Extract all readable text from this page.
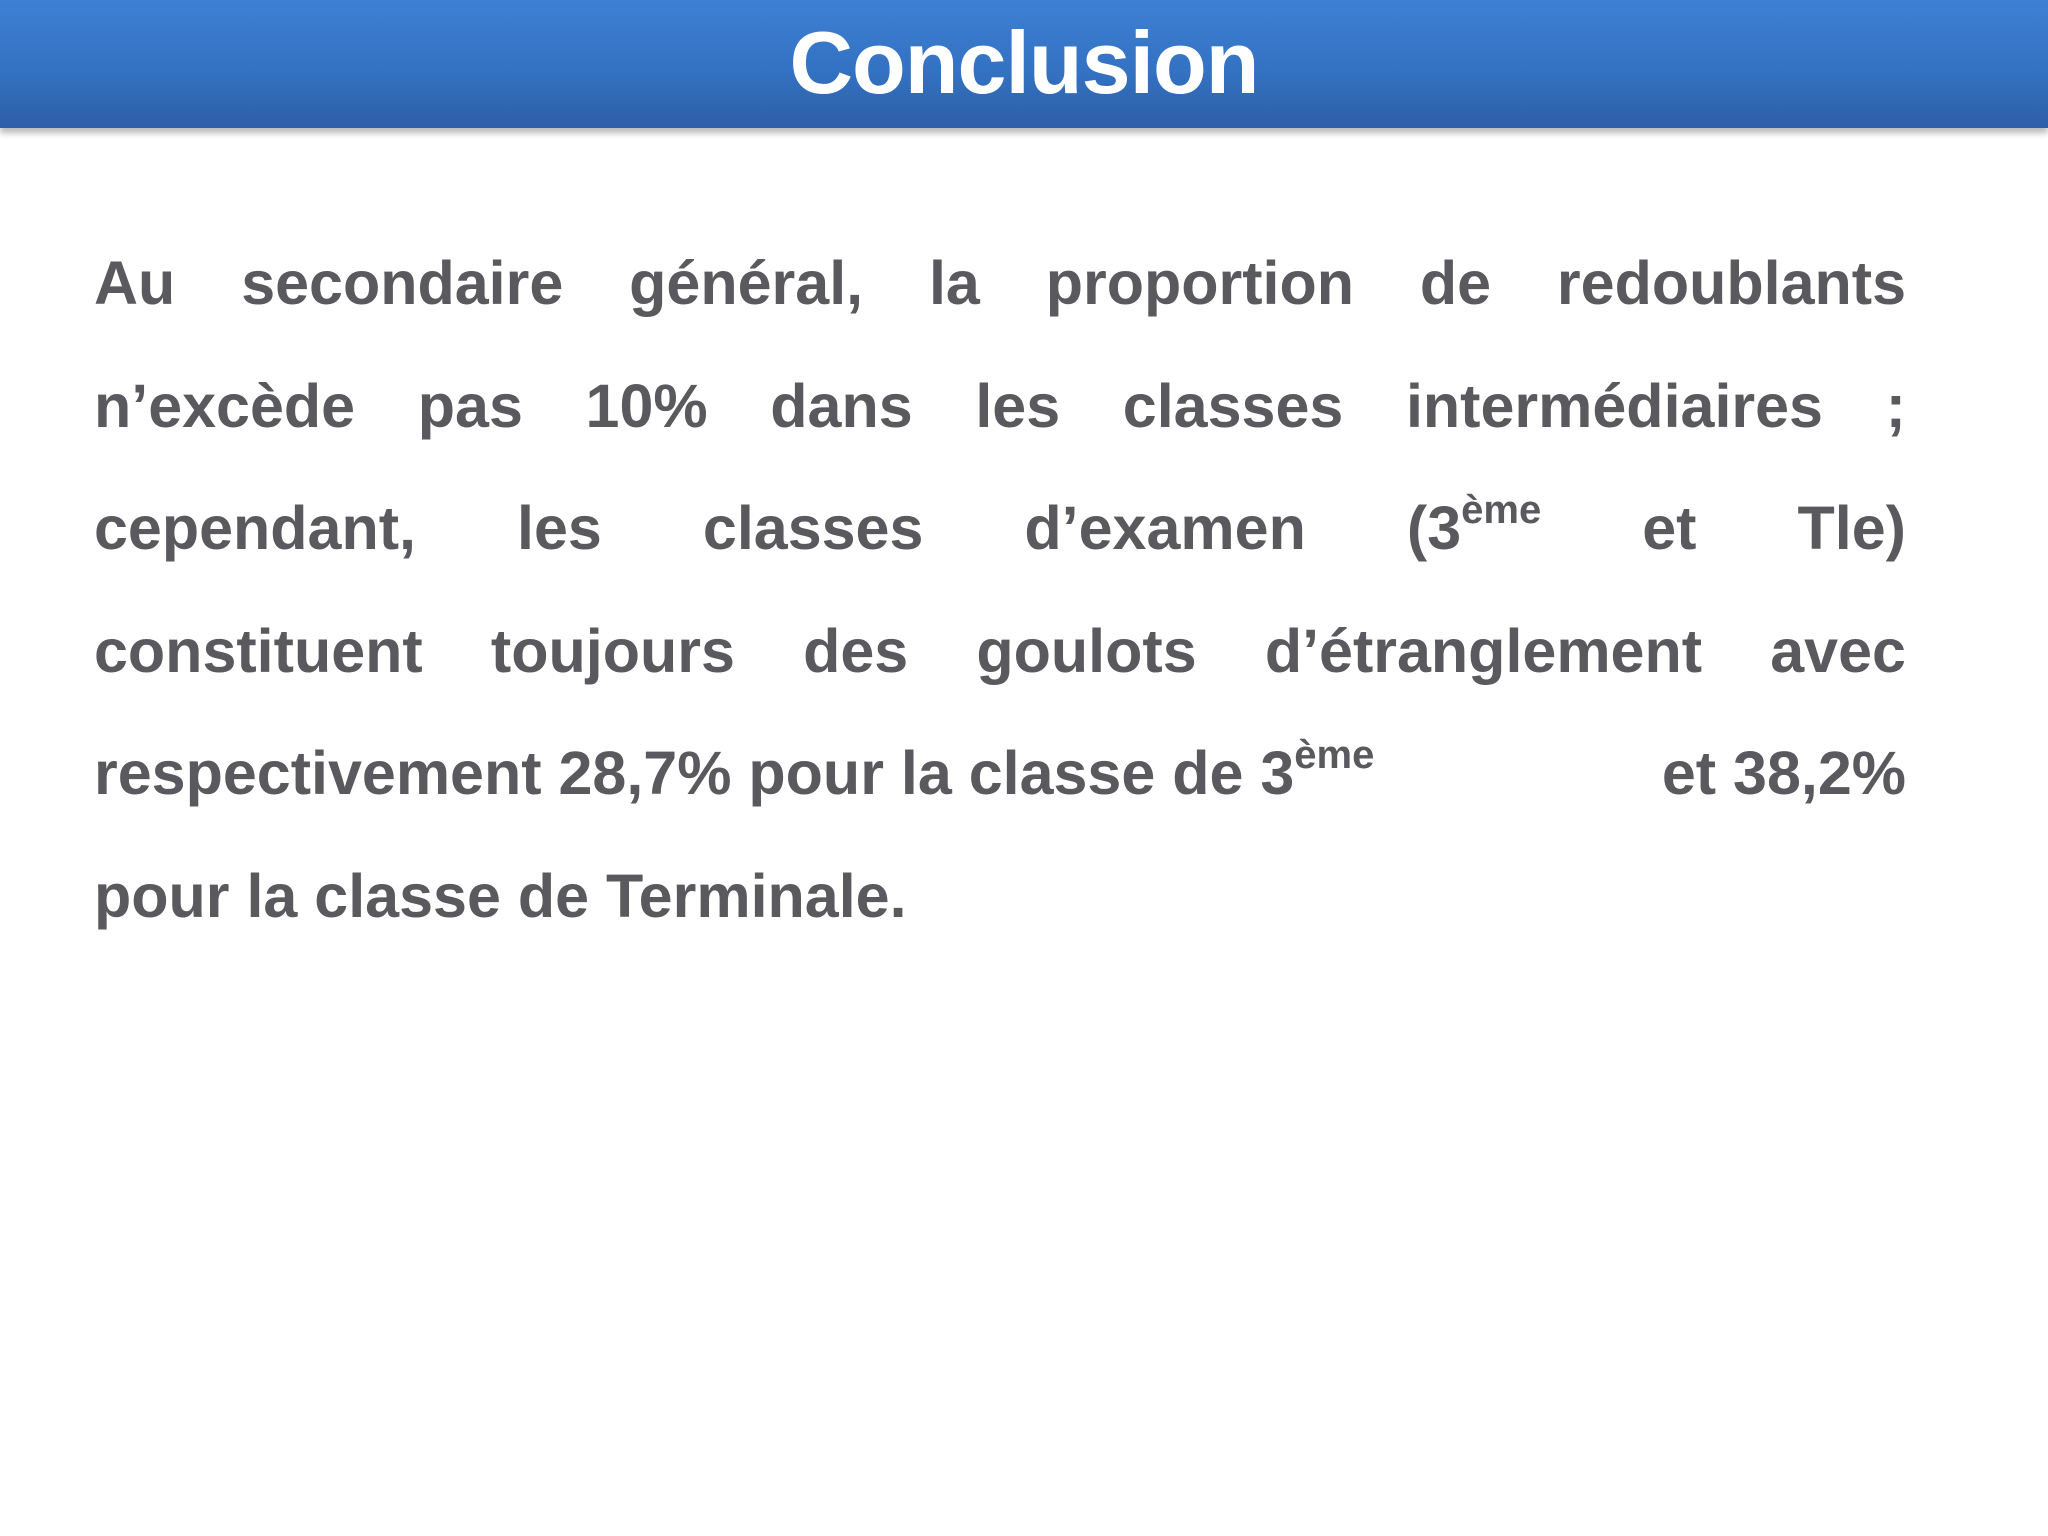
Conclusion
Au secondaire général, la proportion de redoublants
n’excède pas 10% dans les classes intermédiaires ;
cependant, les classes d’examen (3ème et Tle)
constituent toujours des goulots d’étranglement avec
respectivement 28,7% pour la classe de 3ème	et 38,2%
pour la classe de Terminale.
